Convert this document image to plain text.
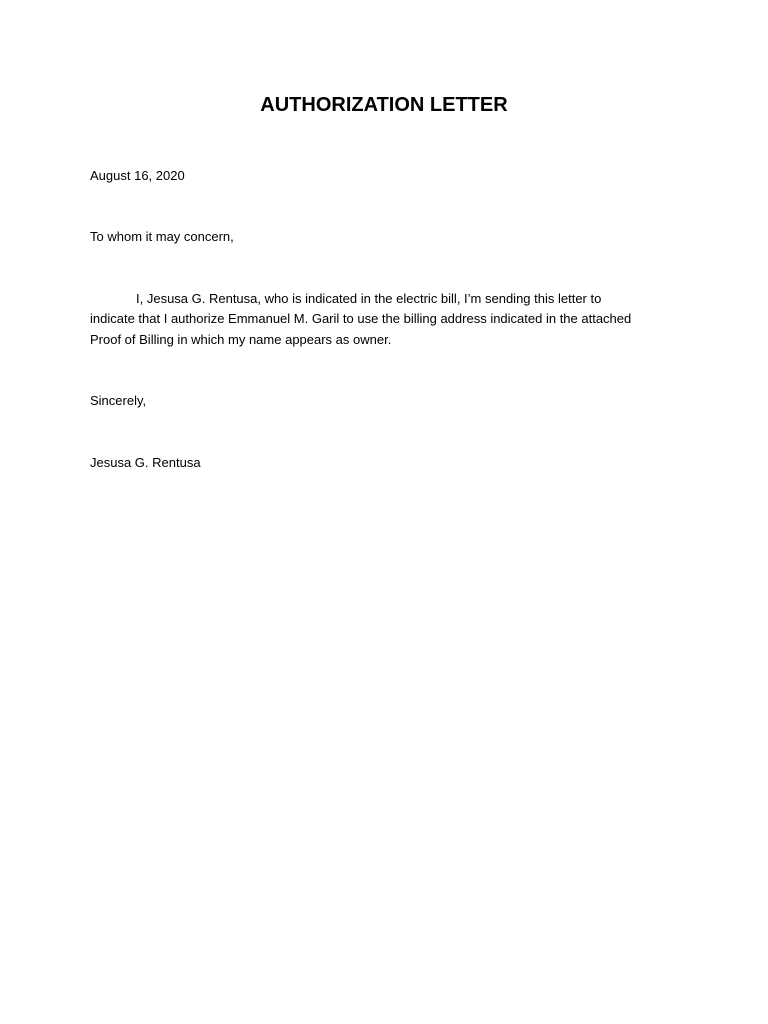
AUTHORIZATION LETTER
August 16, 2020
To whom it may concern,
I, Jesusa G. Rentusa, who is indicated in the electric bill, I’m sending this letter to
indicate that I authorize Emmanuel M. Garil to use the billing address indicated in the attached
Proof of Billing in which my name appears as owner.
Sincerely,
Jesusa G. Rentusa
